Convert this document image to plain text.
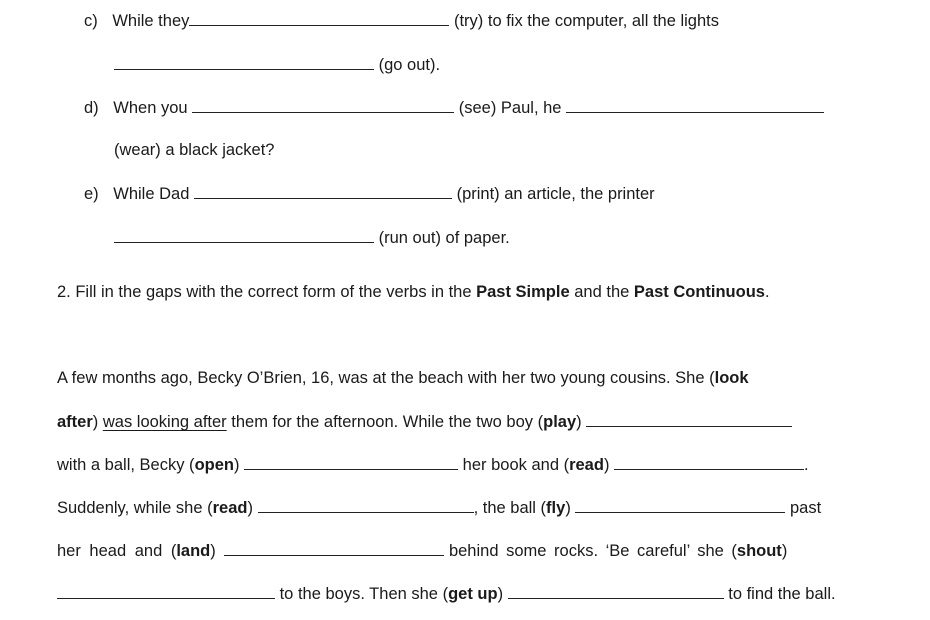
c) While they	(try) to fix the computer, all the lights
(go out).
d) When you	(see) Paul, he
(wear) a black jacket?
e) While Dad	(print) an article, the printer
(run out) of paper.
2. Fill in the gaps with the correct form of the verbs in the Past Simple and the Past Continuous.
A few months ago, Becky O’Brien, 16, was at the beach with her two young cousins. She (look
after) was looking after them for the afternoon. While the two boy (play)
with a ball, Becky (open)	her book and (read)	.
Suddenly, while she (read)	, the ball (fly)	past
her head and (land)	behind some rocks. ‘Be careful’ she (shout)
to the boys. Then she (get up)	to find the ball.
